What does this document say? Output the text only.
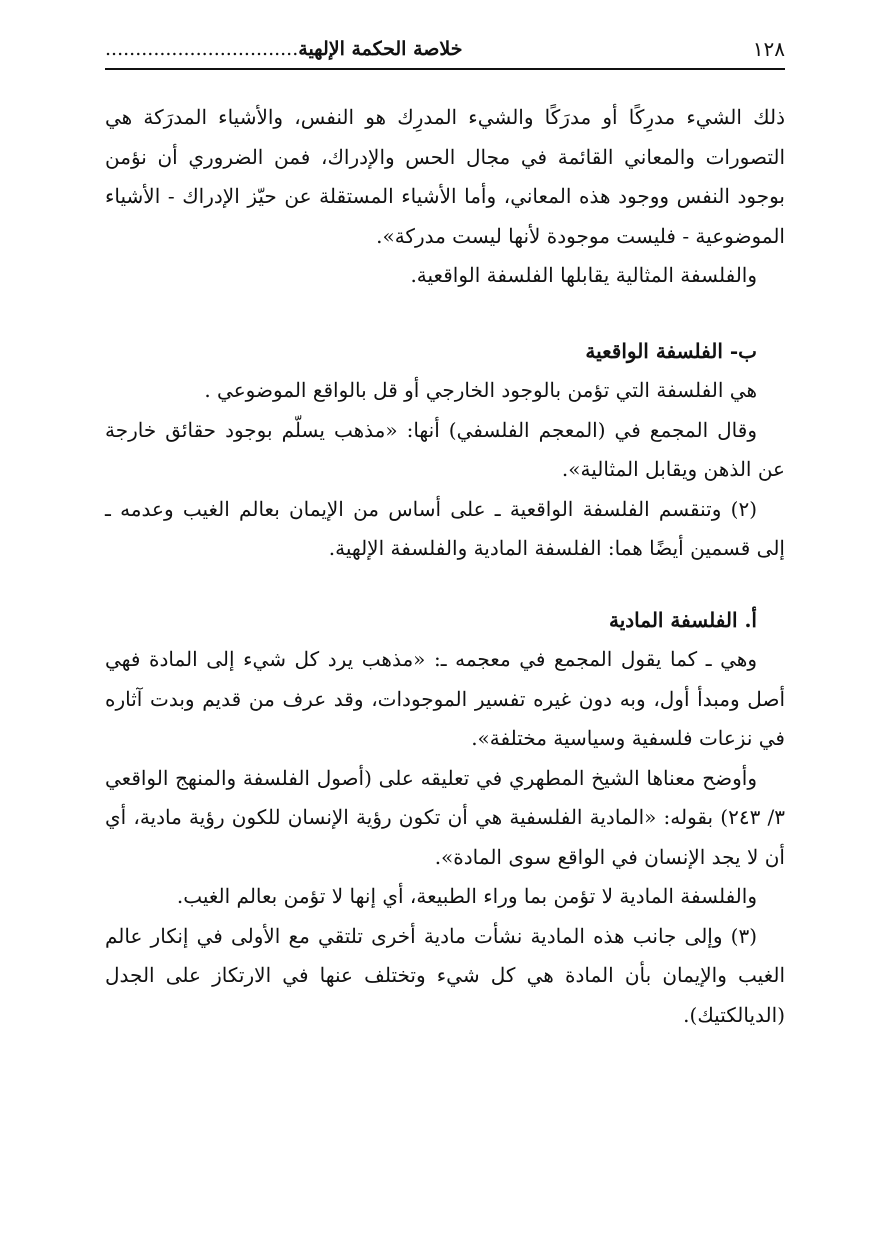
١٢٨
خلاصة الحكمة الإلهية................................

ذلك الشيء مدرِكًا أو مدرَكًا والشيء المدرِك هو النفس، والأشياء المدرَكة هي التصورات والمعاني القائمة في مجال الحس والإدراك، فمن الضروري أن نؤمن بوجود النفس ووجود هذه المعاني، وأما الأشياء المستقلة عن حيّز الإدراك - الأشياء الموضوعية - فليست موجودة لأنها ليست مدركة».

والفلسفة المثالية يقابلها الفلسفة الواقعية.

ب- الفلسفة الواقعية

هي الفلسفة التي تؤمن بالوجود الخارجي أو قل بالواقع الموضوعي .

وقال المجمع في (المعجم الفلسفي) أنها: «مذهب يسلّم بوجود حقائق خارجة عن الذهن ويقابل المثالية».

(٢) وتنقسم الفلسفة الواقعية ـ على أساس من الإيمان بعالم الغيب وعدمه ـ إلى قسمين أيضًا هما: الفلسفة المادية والفلسفة الإلهية.

أ. الفلسفة المادية

وهي ـ كما يقول المجمع في معجمه ـ: «مذهب يرد كل شيء إلى المادة فهي أصل ومبدأ أول، وبه دون غيره تفسير الموجودات، وقد عرف من قديم وبدت آثاره في نزعات فلسفية وسياسية مختلفة».

وأوضح معناها الشيخ المطهري في تعليقه على (أصول الفلسفة والمنهج الواقعي ٣/ ٢٤٣) بقوله: «المادية الفلسفية هي أن تكون رؤية الإنسان للكون رؤية مادية، أي أن لا يجد الإنسان في الواقع سوى المادة».

والفلسفة المادية لا تؤمن بما وراء الطبيعة، أي إنها لا تؤمن بعالم الغيب.

(٣) وإلى جانب هذه المادية نشأت مادية أخرى تلتقي مع الأولى في إنكار عالم الغيب والإيمان بأن المادة هي كل شيء وتختلف عنها في الارتكاز على الجدل (الديالكتيك).
